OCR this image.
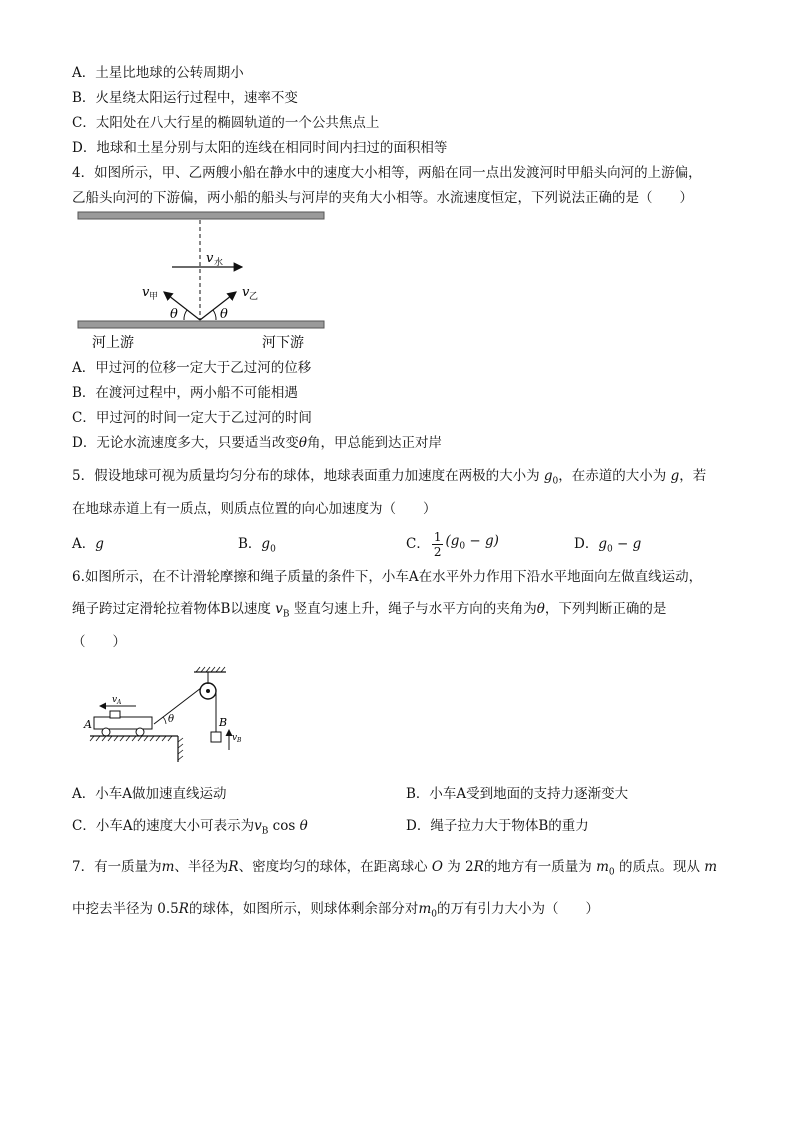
A．土星比地球的公转周期小
B．火星绕太阳运行过程中，速率不变
C．太阳处在八大行星的椭圆轨道的一个公共焦点上
D．地球和土星分别与太阳的连线在相同时间内扫过的面积相等
4．如图所示，甲、乙两艘小船在静水中的速度大小相等，两船在同一点出发渡河时甲船头向河的上游偏，
乙船头向河的下游偏，两小船的船头与河岸的夹角大小相等。水流速度恒定，下列说法正确的是（　　）
v 水
v 甲	v 乙
θ	θ
河上游	河下游
A．甲过河的位移一定大于乙过河的位移
B．在渡河过程中，两小船不可能相遇
C．甲过河的时间一定大于乙过河的时间
D．无论水流速度多大，只要适当改变θ角，甲总能到达正对岸
5．假设地球可视为质量均匀分布的球体，地球表面重力加速度在两极的大小为 $g_0$，在赤道的大小为 g，若
在地球赤道上有一质点，则质点位置的向心加速度为（　　）
A．g	B．$g_0$	C． $\frac{1}{2} (g_0 - g)$	D．$g_0 - g$
6.如图所示，在不计滑轮摩擦和绳子质量的条件下，小车A在水平外力作用下沿水平地面向左做直线运动，
绳子跨过定滑轮拉着物体B以速度 $v_B$ 竖直匀速上升，绳子与水平方向的夹角为θ，下列判断正确的是
（　　）
B
v B
A
v A
θ
A．小车A做加速直线运动	B．小车A受到地面的支持力逐渐变大
C．小车A的速度大小可表示为$v_B$ cos θ	D．绳子拉力大于物体B的重力
7．有一质量为m、半径为R、密度均匀的球体，在距离球心 O 为 2R的地方有一质量为 $m_0$ 的质点。现从 m
中挖去半径为 0.5R的球体，如图所示，则球体剩余部分对$m_0$的万有引力大小为（　　）
